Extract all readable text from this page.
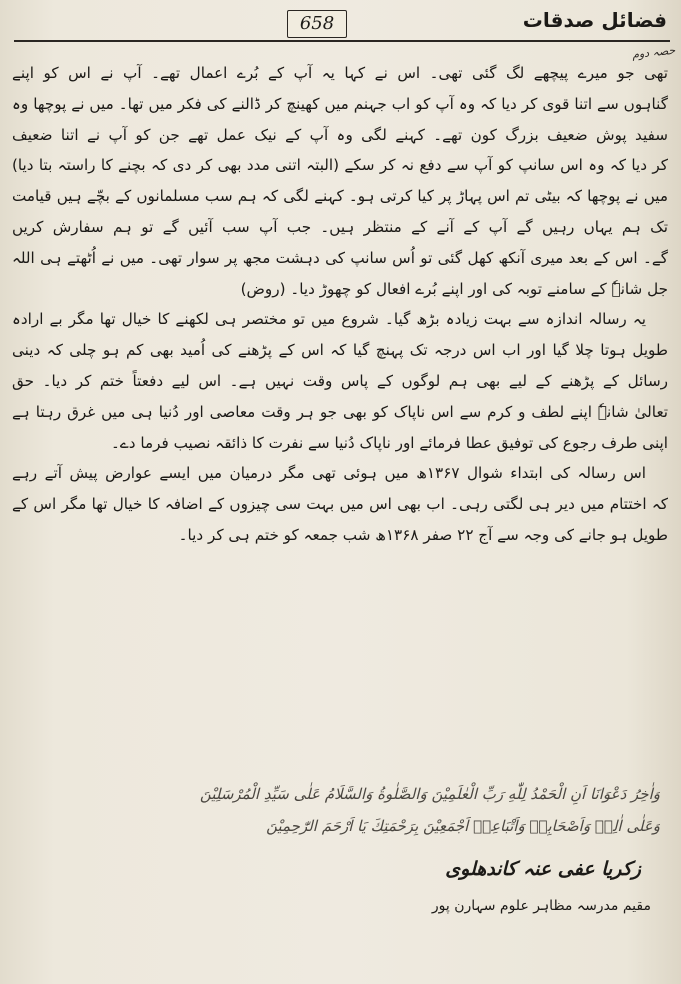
658	فضائل صدقات
حصہ دوم
تھی جو میرے پیچھے لگ گئی تھی۔ اس نے کہا یہ آپ کے بُرے اعمال تھے۔ آپ نے اس کو اپنے
گناہوں سے اتنا قوی کر دیا کہ وہ آپ کو اب جہنم میں کھینچ کر ڈالنے کی فکر میں تھا۔ میں نے پوچھا وہ
سفید پوش ضعیف بزرگ کون تھے۔ کہنے لگی وہ آپ کے نیک عمل تھے جن کو آپ نے اتنا ضعیف
کر دیا کہ وہ اس سانپ کو آپ سے دفع نہ کر سکے (البتہ اتنی مدد بھی کر دی کہ بچنے کا راستہ بتا دیا)
میں نے پوچھا کہ بیٹی تم اس پہاڑ پر کیا کرتی ہو۔ کہنے لگی کہ ہم سب مسلمانوں کے بچّے ہیں قیامت
تک ہم یہاں رہیں گے آپ کے آنے کے منتظر ہیں۔ جب آپ سب آئیں گے تو ہم سفارش کریں
گے۔ اس کے بعد میری آنکھ کھل گئی تو اُس سانپ کی دہشت مجھ پر سوار تھی۔ میں نے اُٹھتے ہی اللہ
جل شانہٗ کے سامنے توبہ کی اور اپنے بُرے افعال کو چھوڑ دیا۔ (روض)
یہ رسالہ اندازہ سے بہت زیادہ بڑھ گیا۔ شروع میں تو مختصر ہی لکھنے کا خیال تھا مگر بے ارادہ
طویل ہوتا چلا گیا اور اب اس درجہ تک پہنچ گیا کہ اس کے پڑھنے کی اُمید بھی کم ہو چلی کہ دینی
رسائل کے پڑھنے کے لیے بھی ہم لوگوں کے پاس وقت نہیں ہے۔ اس لیے دفعتاً ختم کر دیا۔ حق
تعالیٰ شانہٗ اپنے لطف و کرم سے اس ناپاک کو بھی جو ہر وقت معاصی اور دُنیا ہی میں غرق رہتا ہے
اپنی طرف رجوع کی توفیق عطا فرمائے اور ناپاک دُنیا سے نفرت کا ذائقہ نصیب فرما دے۔
اس رسالہ کی ابتداء شوال ۱۳۶۷ھ میں ہوئی تھی مگر درمیان میں ایسے عوارض پیش آتے رہے
کہ اختتام میں دیر ہی لگتی رہی۔ اب بھی اس میں بہت سی چیزوں کے اضافہ کا خیال تھا مگر اس کے
طویل ہو جانے کی وجہ سے آج ۲۲ صفر ۱۳۶۸ھ شب جمعہ کو ختم ہی کر دیا۔
وَاٰخِرُ دَعْوَانَا اَنِ الْحَمْدُ لِلّٰهِ رَبِّ الْعٰلَمِيْنَ وَالصَّلٰوةُ وَالسَّلَامُ عَلٰى سَيِّدِ الْمُرْسَلِيْنَ
وَعَلٰى اٰلِهٖ وَاَصْحَابِهٖ وَاَتْبَاعِهٖ اَجْمَعِيْنَ بِرَحْمَتِكَ يَا اَرْحَمَ الرّٰحِمِيْنَ
زکریا عفی عنہ کاندھلوی
مقیم مدرسہ مظاہر علوم سہارن پور
